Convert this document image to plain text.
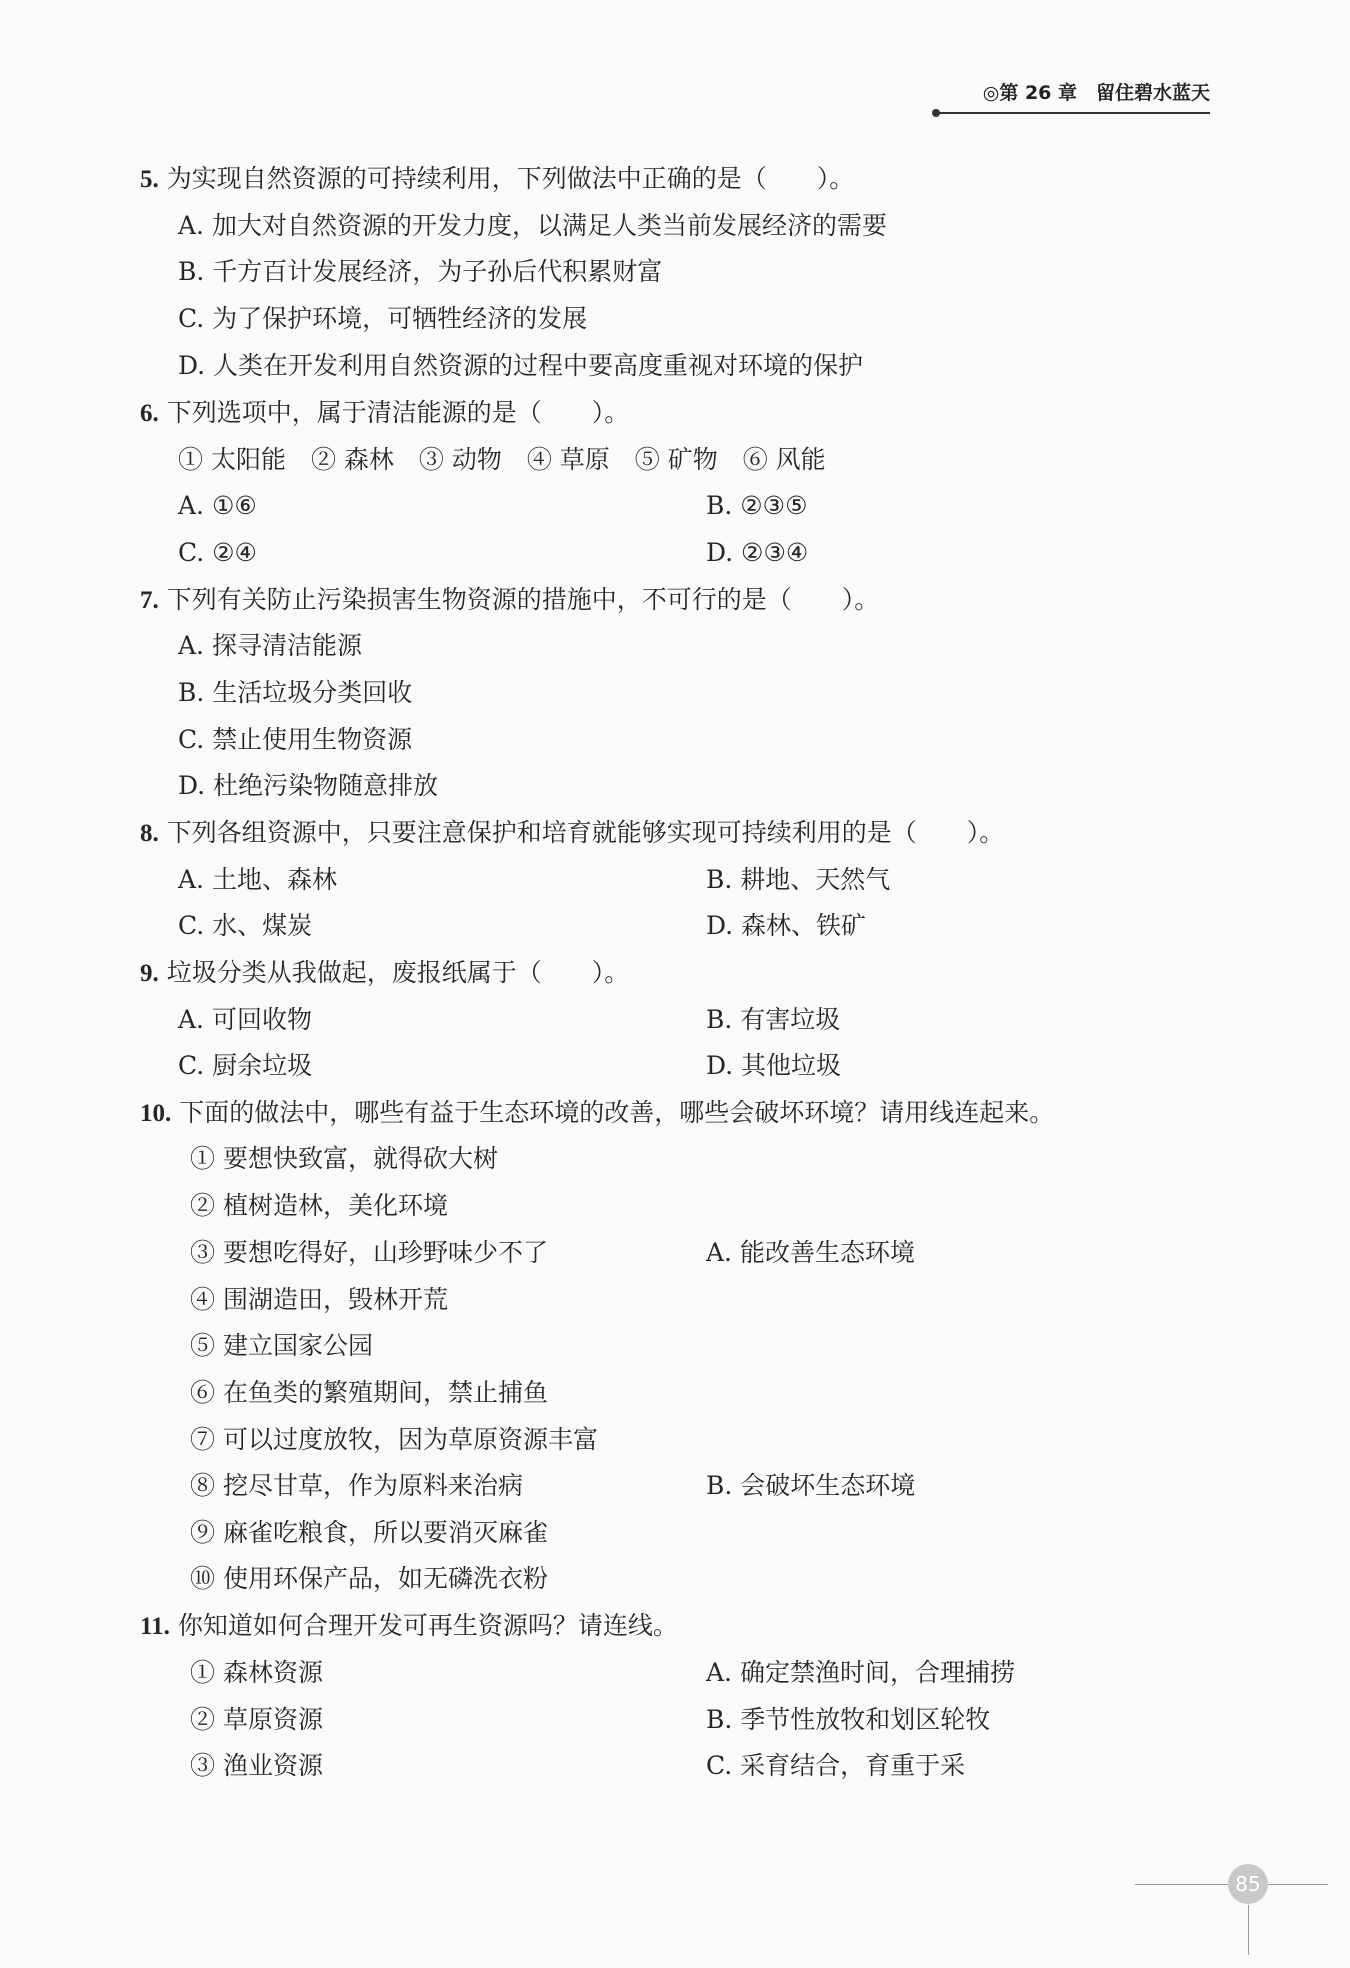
◎第 26 章　留住碧水蓝天
5. 为实现自然资源的可持续利用，下列做法中正确的是（　　）。
A. 加大对自然资源的开发力度，以满足人类当前发展经济的需要
B. 千方百计发展经济，为子孙后代积累财富
C. 为了保护环境，可牺牲经济的发展
D. 人类在开发利用自然资源的过程中要高度重视对环境的保护
6. 下列选项中，属于清洁能源的是（　　）。
① 太阳能　② 森林　③ 动物　④ 草原　⑤ 矿物　⑥ 风能
A. ①⑥	B. ②③⑤
C. ②④	D. ②③④
7. 下列有关防止污染损害生物资源的措施中，不可行的是（　　）。
A. 探寻清洁能源
B. 生活垃圾分类回收
C. 禁止使用生物资源
D. 杜绝污染物随意排放
8. 下列各组资源中，只要注意保护和培育就能够实现可持续利用的是（　　）。
A. 土地、森林	B. 耕地、天然气
C. 水、煤炭	D. 森林、铁矿
9. 垃圾分类从我做起，废报纸属于（　　）。
A. 可回收物	B. 有害垃圾
C. 厨余垃圾	D. 其他垃圾
10. 下面的做法中，哪些有益于生态环境的改善，哪些会破坏环境？请用线连起来。
① 要想快致富，就得砍大树
② 植树造林，美化环境
③ 要想吃得好，山珍野味少不了	A. 能改善生态环境
④ 围湖造田，毁林开荒
⑤ 建立国家公园
⑥ 在鱼类的繁殖期间，禁止捕鱼
⑦ 可以过度放牧，因为草原资源丰富
⑧ 挖尽甘草，作为原料来治病	B. 会破坏生态环境
⑨ 麻雀吃粮食，所以要消灭麻雀
⑩ 使用环保产品，如无磷洗衣粉
11. 你知道如何合理开发可再生资源吗？请连线。
① 森林资源	A. 确定禁渔时间，合理捕捞
② 草原资源	B. 季节性放牧和划区轮牧
③ 渔业资源	C. 采育结合，育重于采
85
